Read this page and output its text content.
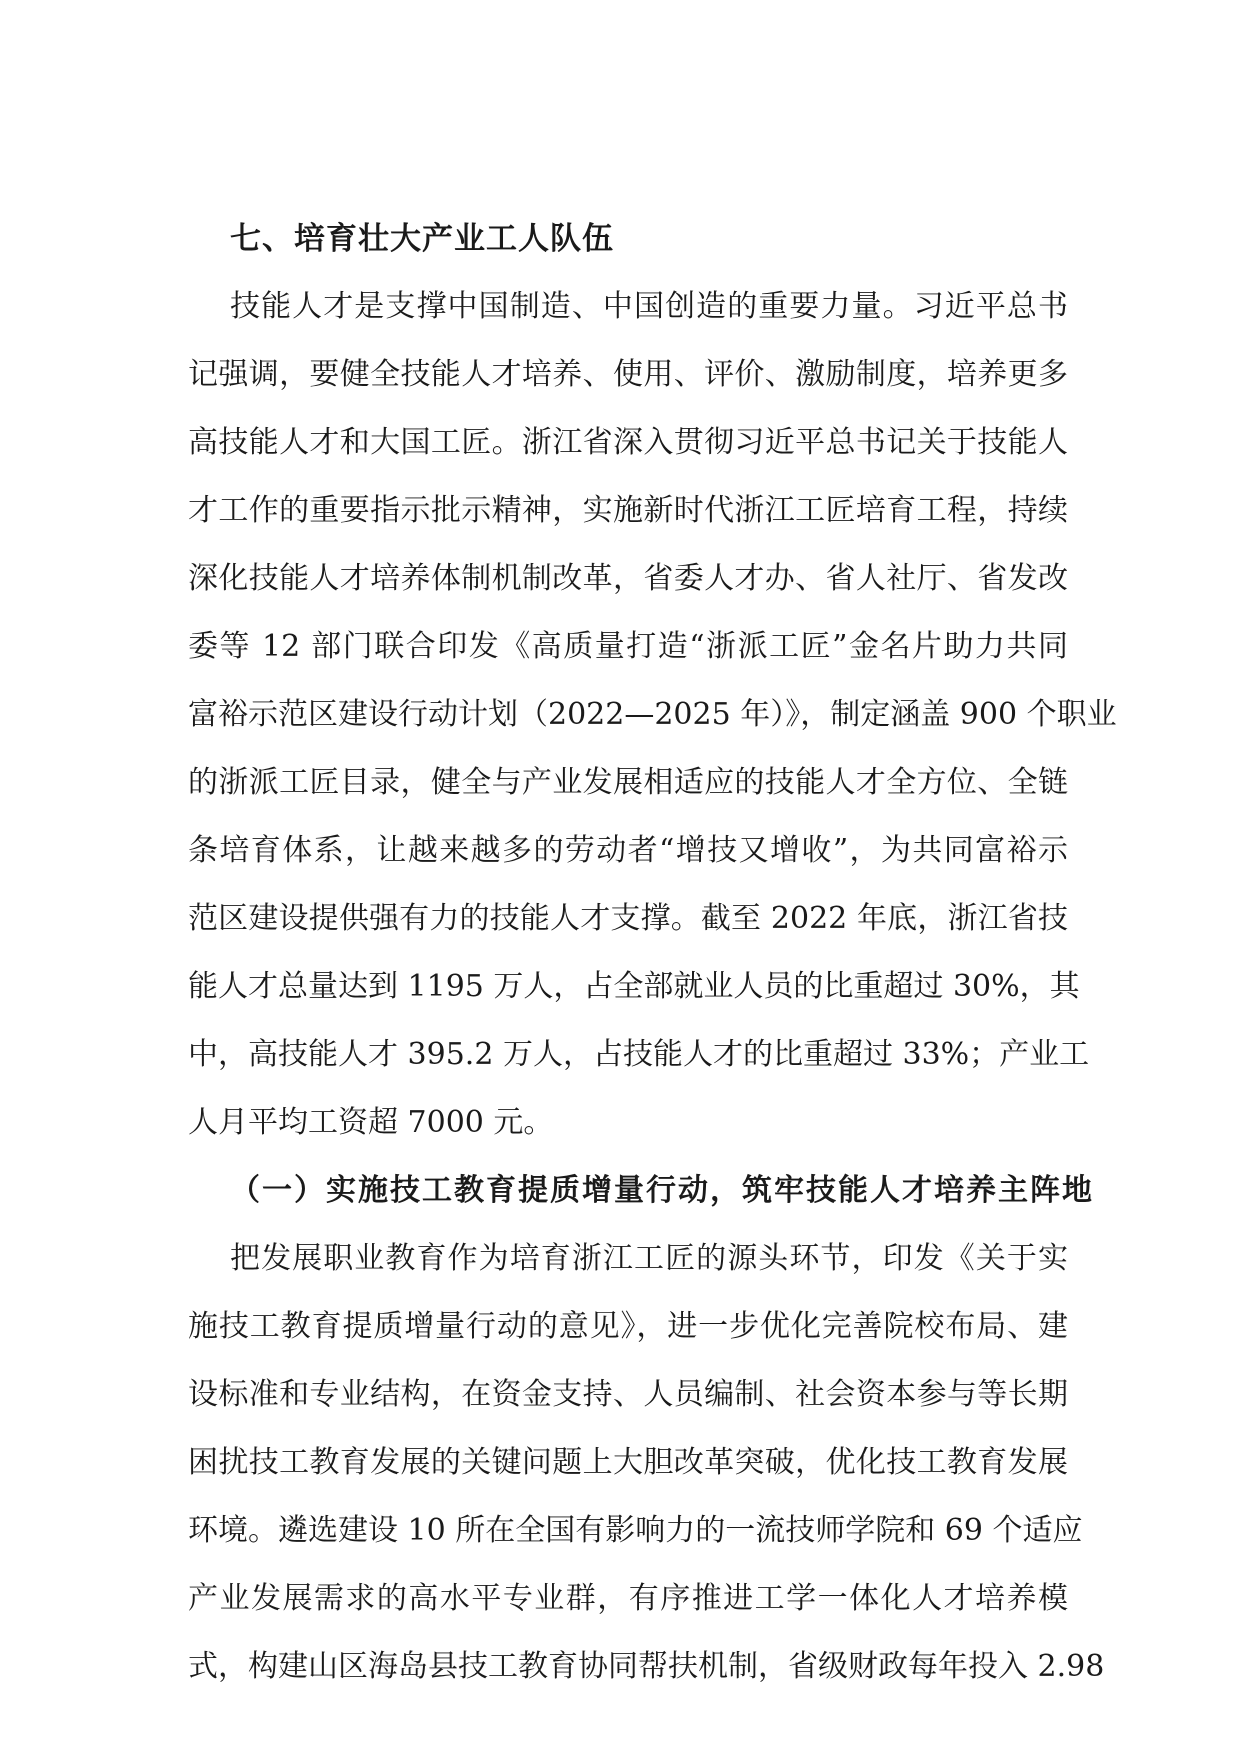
七、培育壮大产业工人队伍
技能人才是支撑中国制造、中国创造的重要力量。习近平总书
记强调，要健全技能人才培养、使用、评价、激励制度，培养更多
高技能人才和大国工匠。浙江省深入贯彻习近平总书记关于技能人
才工作的重要指示批示精神，实施新时代浙江工匠培育工程，持续
深化技能人才培养体制机制改革，省委人才办、省人社厅、省发改
委等 12 部门联合印发《高质量打造“浙派工匠”金名片助力共同
富裕示范区建设行动计划（2022—2025 年）》，制定涵盖 900 个职业
的浙派工匠目录，健全与产业发展相适应的技能人才全方位、全链
条培育体系，让越来越多的劳动者“增技又增收”，为共同富裕示
范区建设提供强有力的技能人才支撑。截至 2022 年底，浙江省技
能人才总量达到 1195 万人，占全部就业人员的比重超过 30%，其
中，高技能人才 395.2 万人，占技能人才的比重超过 33%；产业工
人月平均工资超 7000 元。
（一）实施技工教育提质增量行动，筑牢技能人才培养主阵地
把发展职业教育作为培育浙江工匠的源头环节，印发《关于实
施技工教育提质增量行动的意见》，进一步优化完善院校布局、建
设标准和专业结构，在资金支持、人员编制、社会资本参与等长期
困扰技工教育发展的关键问题上大胆改革突破，优化技工教育发展
环境。遴选建设 10 所在全国有影响力的一流技师学院和 69 个适应
产业发展需求的高水平专业群，有序推进工学一体化人才培养模
式，构建山区海岛县技工教育协同帮扶机制，省级财政每年投入 2.98
